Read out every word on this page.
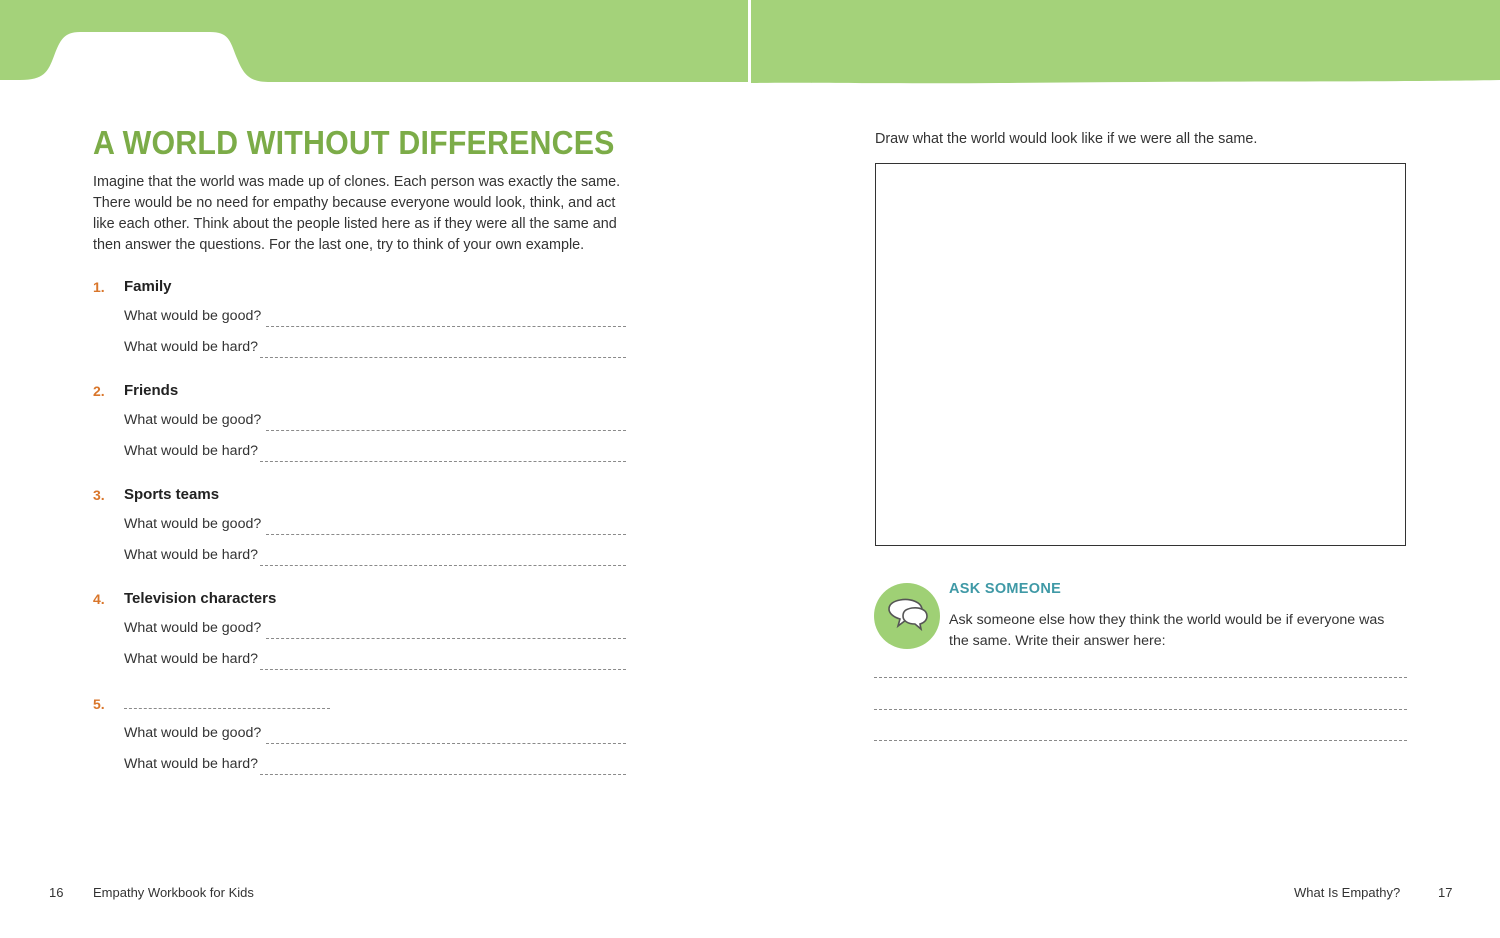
A WORLD WITHOUT DIFFERENCES
Imagine that the world was made up of clones. Each person was exactly the same. There would be no need for empathy because everyone would look, think, and act like each other. Think about the people listed here as if they were all the same and then answer the questions. For the last one, try to think of your own example.
1. Family
What would be good?
What would be hard?
2. Friends
What would be good?
What would be hard?
3. Sports teams
What would be good?
What would be hard?
4. Television characters
What would be good?
What would be hard?
5.
What would be good?
What would be hard?
Draw what the world would look like if we were all the same.
ASK SOMEONE
Ask someone else how they think the world would be if everyone was the same. Write their answer here:
16 Empathy Workbook for Kids	What Is Empathy?	17
